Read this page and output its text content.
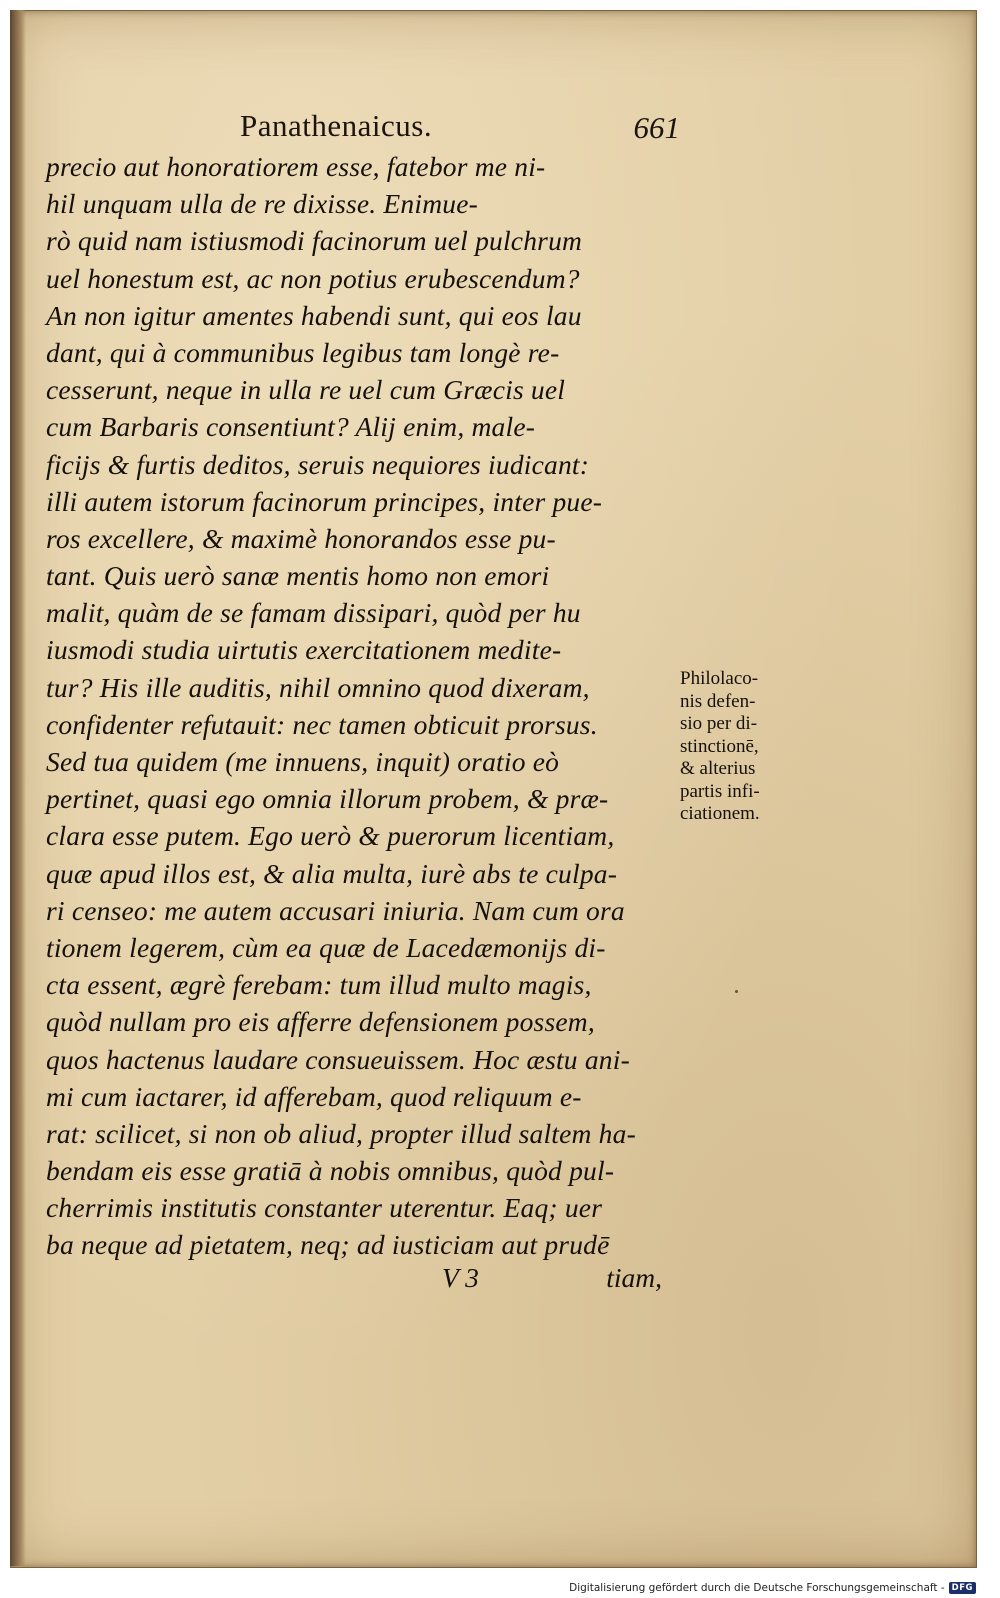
Panathenaicus.	661
precio aut honoratiorem esse, fatebor me ni-
hil unquam ulla de re dixisse. Enimue-
rò quid nam istiusmodi facinorum uel pulchrum
uel honestum est, ac non potius erubescendum?
An non igitur amentes habendi sunt, qui eos lau
dant, qui à communibus legibus tam longè re-
cesserunt, neque in ulla re uel cum Græcis uel
cum Barbaris consentiunt? Alij enim, male-
ficijs & furtis deditos, seruis nequiores iudicant:
illi autem istorum facinorum principes, inter pue-
ros excellere, & maximè honorandos esse pu-
tant. Quis uerò sanæ mentis homo non emori
malit, quàm de se famam dissipari, quòd per hu
iusmodi studia uirtutis exercitationem medite-
tur? His ille auditis, nihil omnino quod dixeram,
confidenter refutauit: nec tamen obticuit prorsus.
Sed tua quidem (me innuens, inquit) oratio eò
pertinet, quasi ego omnia illorum probem, & præ-
clara esse putem. Ego uerò & puerorum licentiam,
quæ apud illos est, & alia multa, iurè abs te culpa-
ri censeo: me autem accusari iniuria. Nam cum ora
tionem legerem, cùm ea quæ de Lacedæmonijs di-
cta essent, ægrè ferebam: tum illud multo magis,
quòd nullam pro eis afferre defensionem possem,
quos hactenus laudare consueuissem. Hoc æstu ani-
mi cum iactarer, id afferebam, quod reliquum e-
rat: scilicet, si non ob aliud, propter illud saltem ha-
bendam eis esse gratiā à nobis omnibus, quòd pul-
cherrimis institutis constanter uterentur. Eaq; uer
ba neque ad pietatem, neq; ad iusticiam aut prudē
Philolaco-
nis defen-
sio per di-
stinctionē,
& alterius
partis infi-
ciationem.
V 3	tiam,
Digitalisierung gefördert durch die Deutsche Forschungsgemeinschaft - DFG
